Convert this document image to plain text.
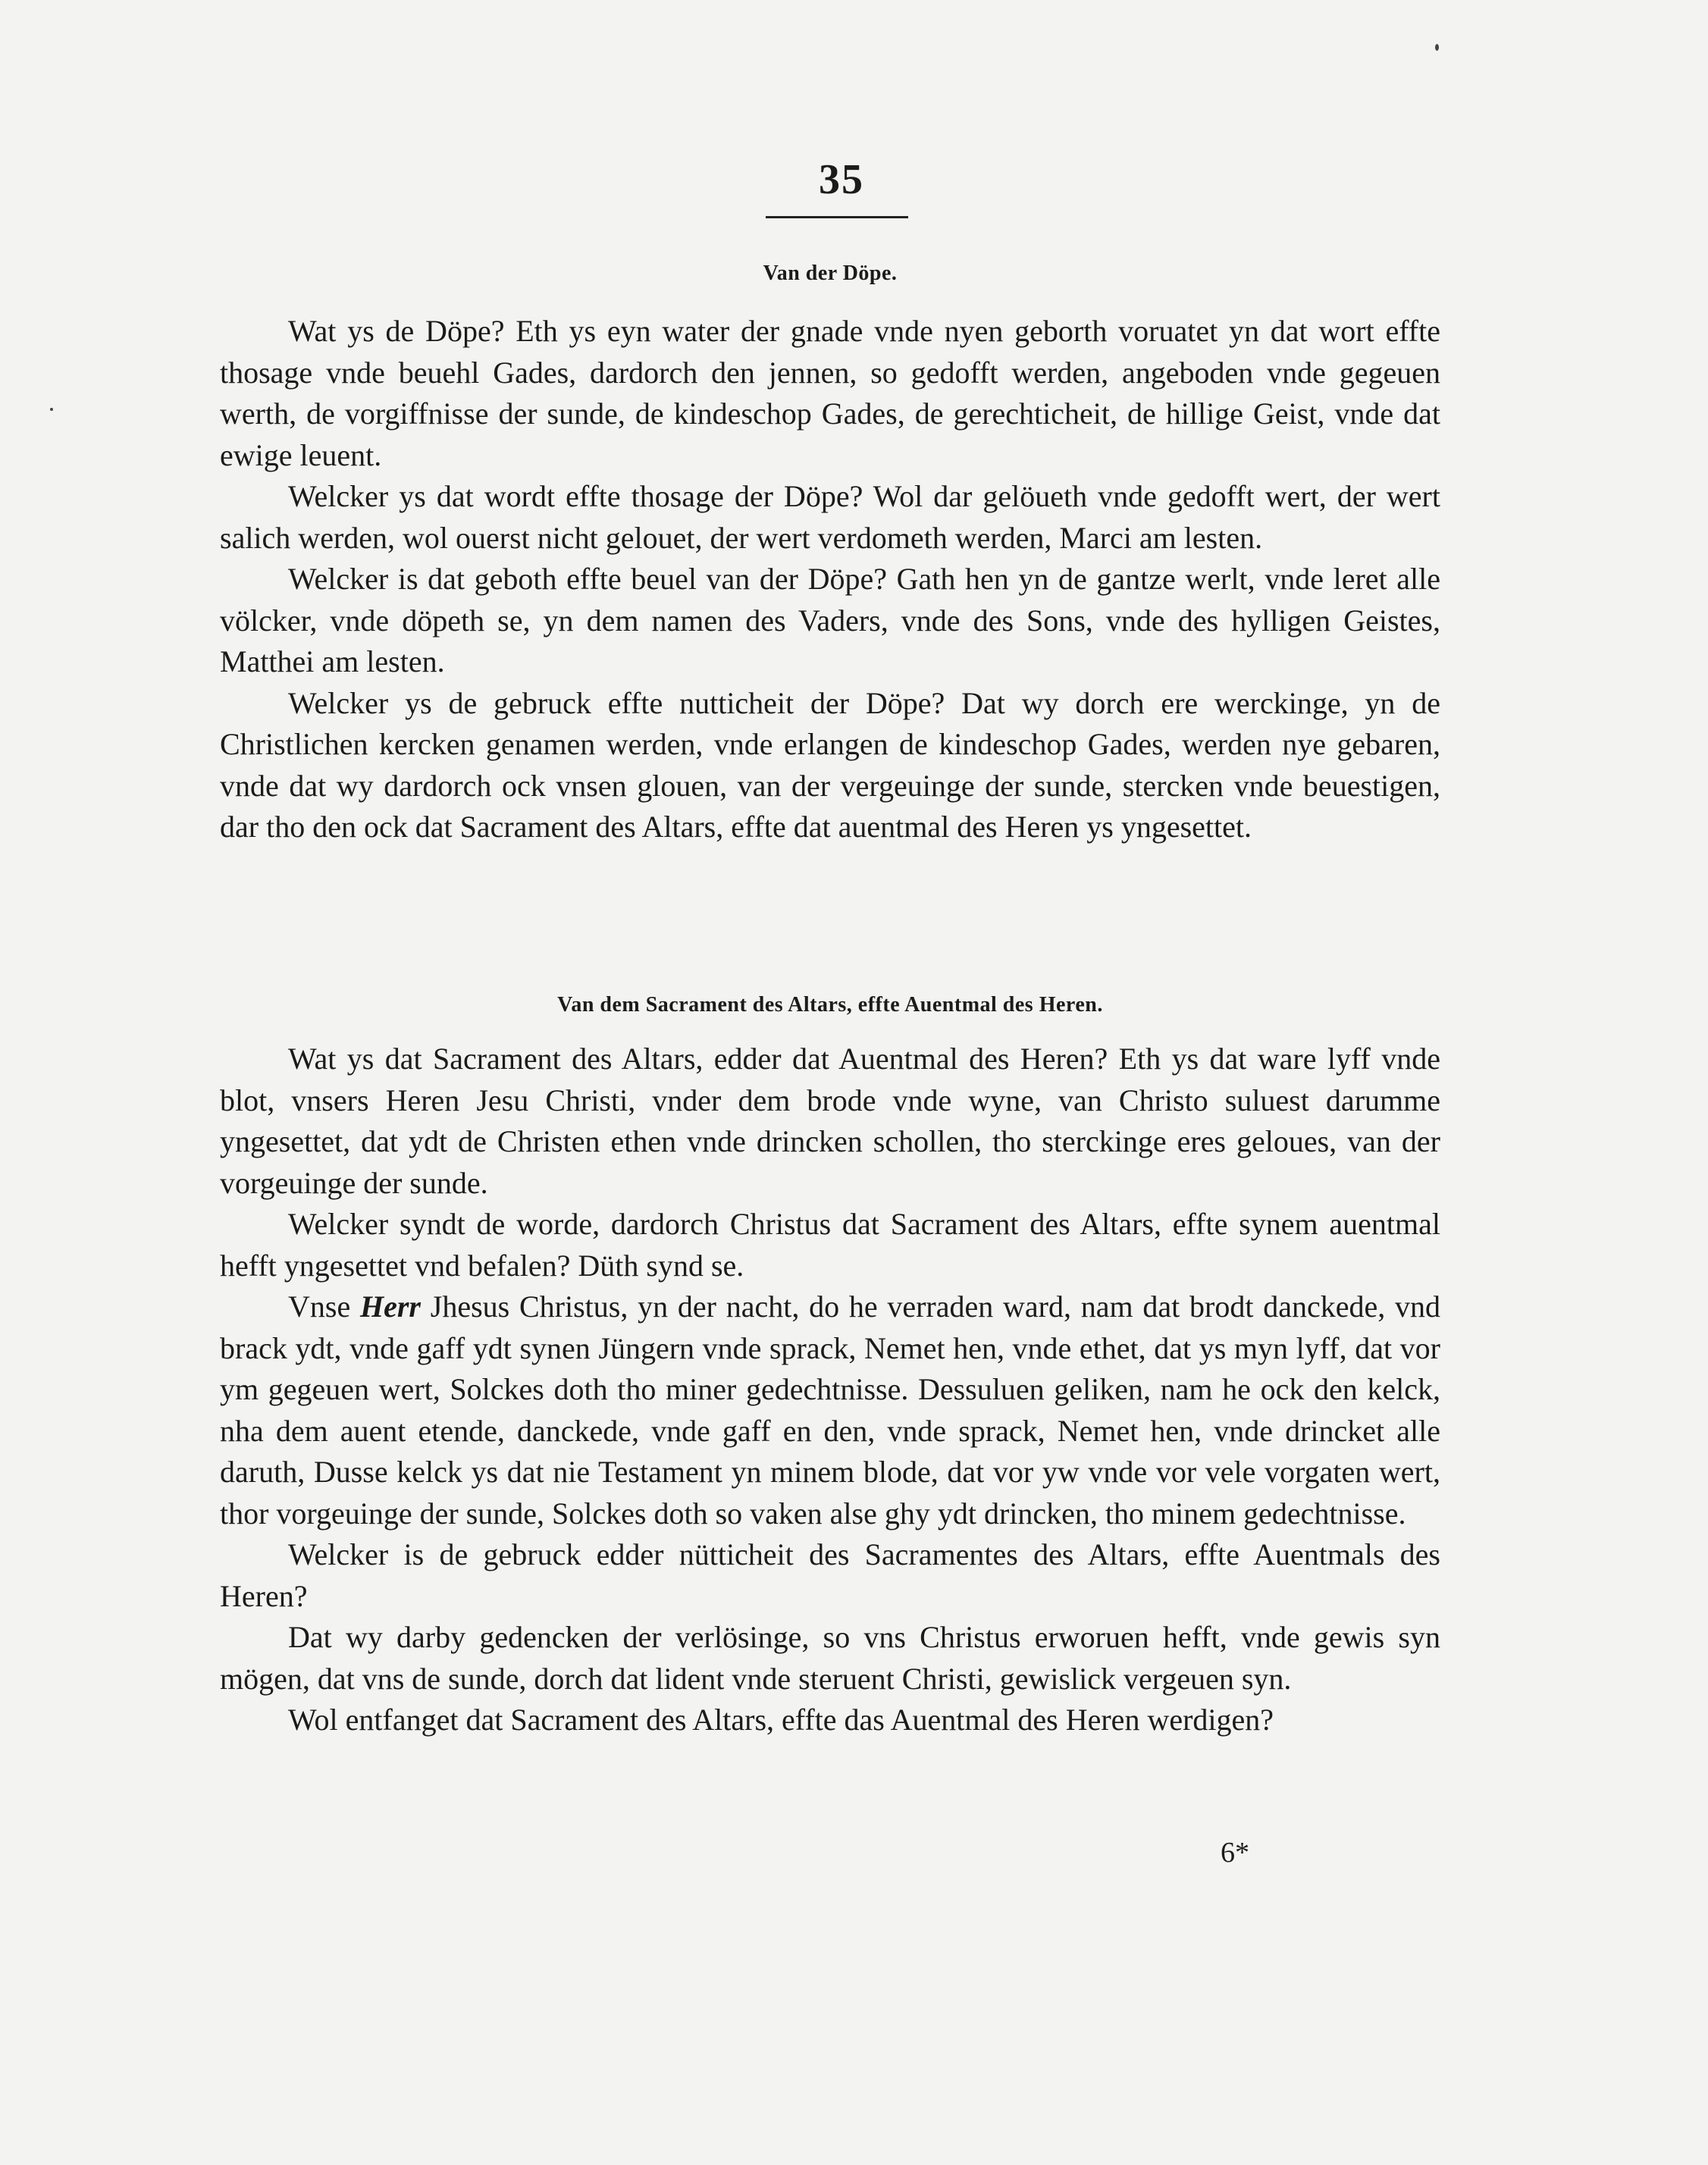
35

Van der Döpe.

Wat ys de Döpe? Eth ys eyn water der gnade vnde nyen geborth voruatet yn dat wort effte thosage vnde beuehl Gades, dardorch den jennen, so gedofft werden, angeboden vnde gegeuen werth, de vorgiffnisse der sunde, de kindeschop Gades, de gerechticheit, de hillige Geist, vnde dat ewige leuent.

Welcker ys dat wordt effte thosage der Döpe? Wol dar gelöueth vnde gedofft wert, der wert salich werden, wol ouerst nicht gelouet, der wert verdometh werden, Marci am lesten.

Welcker is dat geboth effte beuel van der Döpe? Gath hen yn de gantze werlt, vnde leret alle völcker, vnde döpeth se, yn dem namen des Vaders, vnde des Sons, vnde des hylligen Geistes, Matthei am lesten.

Welcker ys de gebruck effte nutticheit der Döpe? Dat wy dorch ere werckinge, yn de Christlichen kercken genamen werden, vnde erlangen de kindeschop Gades, werden nye gebaren, vnde dat wy dardorch ock vnsen glouen, van der vergeuinge der sunde, stercken vnde beuestigen, dar tho den ock dat Sacrament des Altars, effte dat auentmal des Heren ys yngesettet.

Van dem Sacrament des Altars, effte Auentmal des Heren.

Wat ys dat Sacrament des Altars, edder dat Auentmal des Heren? Eth ys dat ware lyff vnde blot, vnsers Heren Jesu Christi, vnder dem brode vnde wyne, van Christo suluest darumme yngesettet, dat ydt de Christen ethen vnde drincken schollen, tho sterckinge eres geloues, van der vorgeuinge der sunde.

Welcker syndt de worde, dardorch Christus dat Sacrament des Altars, effte synem auentmal hefft yngesettet vnd befalen? Düth synd se.

Vnse Herr Jhesus Christus, yn der nacht, do he verraden ward, nam dat brodt danckede, vnd brack ydt, vnde gaff ydt synen Jüngern vnde sprack, Nemet hen, vnde ethet, dat ys myn lyff, dat vor ym gegeuen wert, Solckes doth tho miner gedechtnisse. Dessuluen geliken, nam he ock den kelck, nha dem auent etende, danckede, vnde gaff en den, vnde sprack, Nemet hen, vnde drincket alle daruth, Dusse kelck ys dat nie Testament yn minem blode, dat vor yw vnde vor vele vorgaten wert, thor vorgeuinge der sunde, Solckes doth so vaken alse ghy ydt drincken, tho minem gedechtnisse.

Welcker is de gebruck edder nütticheit des Sacramentes des Altars, effte Auentmals des Heren?

Dat wy darby gedencken der verlösinge, so vns Christus erworuen hefft, vnde gewis syn mögen, dat vns de sunde, dorch dat lident vnde steruent Christi, gewislick vergeuen syn.

Wol entfanget dat Sacrament des Altars, effte das Auentmal des Heren werdigen?

6*
